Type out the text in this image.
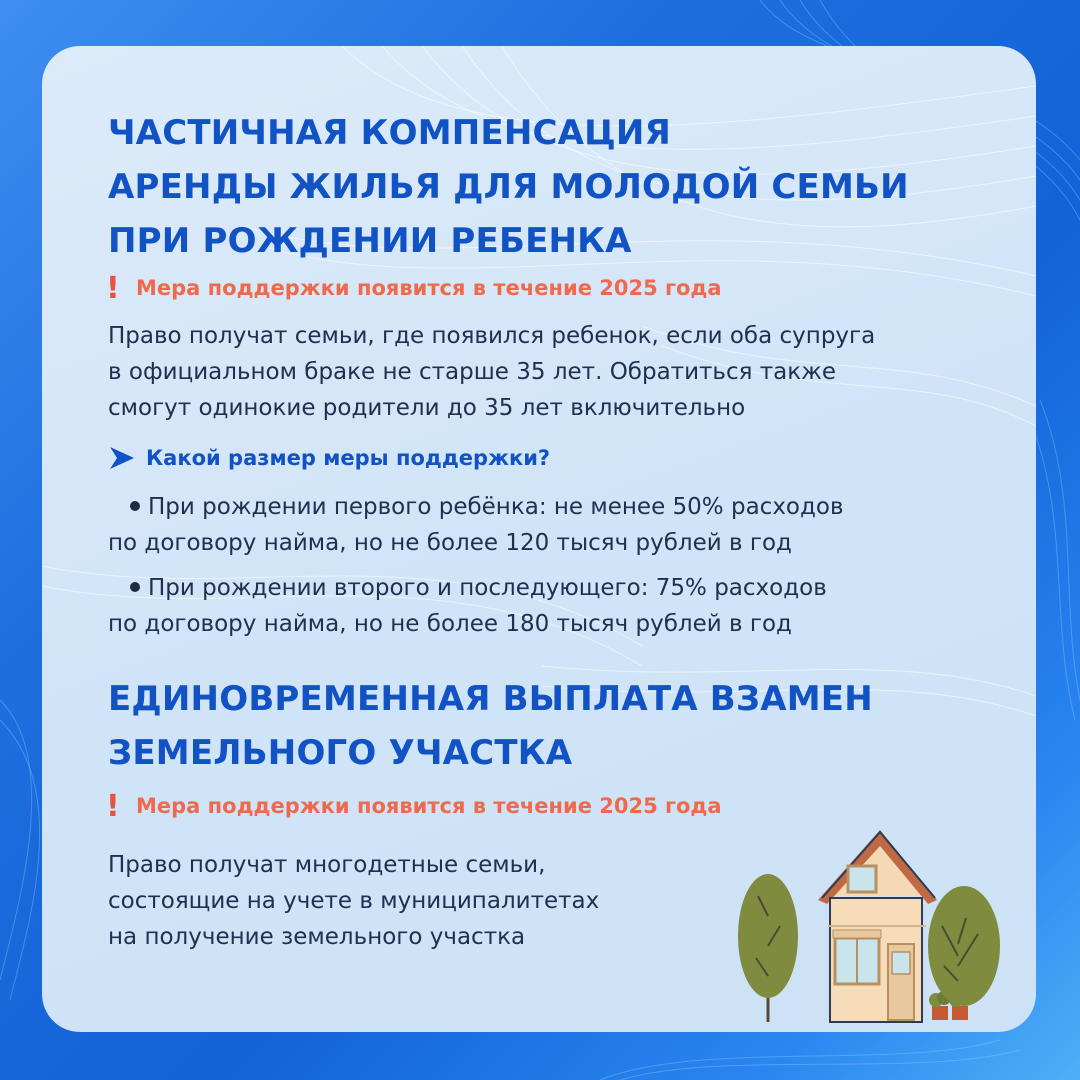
ЧАСТИЧНАЯ КОМПЕНСАЦИЯ
АРЕНДЫ ЖИЛЬЯ ДЛЯ МОЛОДОЙ СЕМЬИ
ПРИ РОЖДЕНИИ РЕБЕНКА
! Мера поддержки появится в течение 2025 года

Право получат семьи, где появился ребенок, если оба супруга
в официальном браке не старше 35 лет. Обратиться также
смогут одинокие родители до 35 лет включительно

Какой размер меры поддержки?

При рождении первого ребёнка: не менее 50% расходов
по договору найма, но не более 120 тысяч рублей в год

При рождении второго и последующего: 75% расходов
по договору найма, но не более 180 тысяч рублей в год

ЕДИНОВРЕМЕННАЯ ВЫПЛАТА ВЗАМЕН
ЗЕМЕЛЬНОГО УЧАСТКА
! Мера поддержки появится в течение 2025 года

Право получат многодетные семьи,
состоящие на учете в муниципалитетах
на получение земельного участка
